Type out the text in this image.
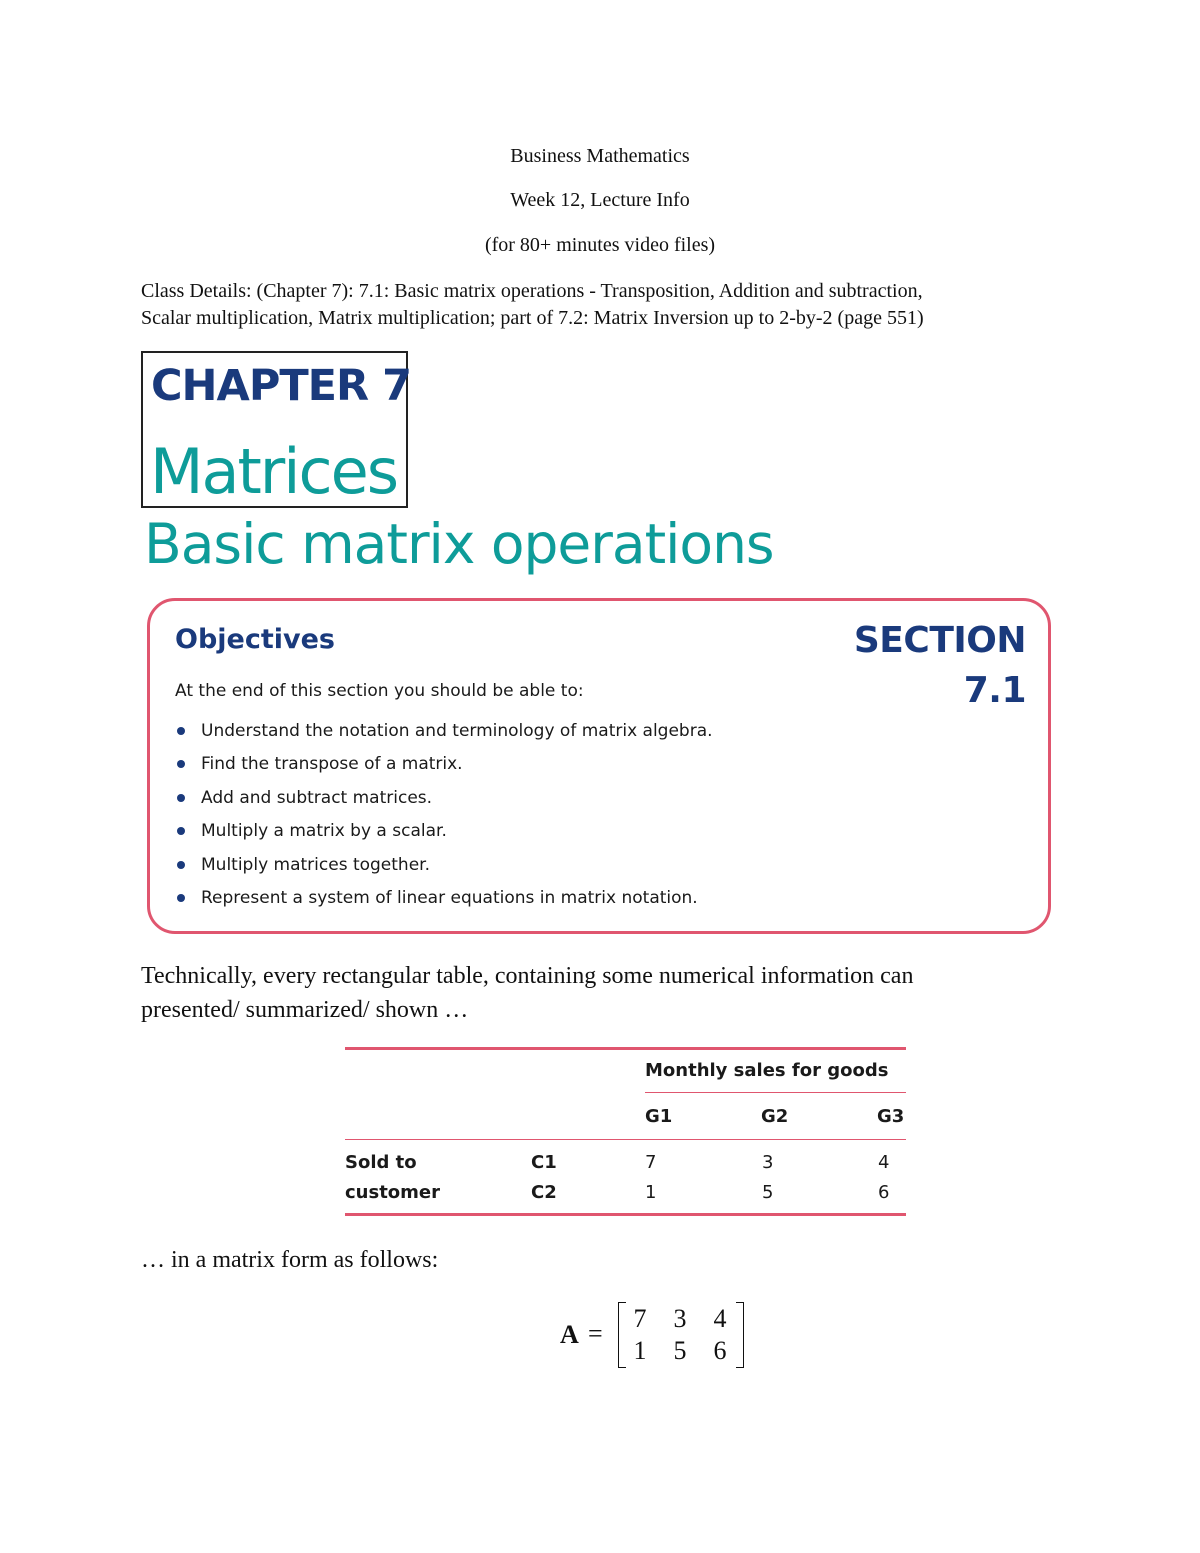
Business Mathematics
Week 12, Lecture Info
(for 80+ minutes video files)
Class Details: (Chapter 7): 7.1: Basic matrix operations - Transposition, Addition and subtraction,
Scalar multiplication, Matrix multiplication; part of 7.2: Matrix Inversion up to 2-by-2 (page 551)
CHAPTER 7
Matrices
Basic matrix operations
Objectives	SECTION 7.1
At the end of this section you should be able to:
Understand the notation and terminology of matrix algebra.
Find the transpose of a matrix.
Add and subtract matrices.
Multiply a matrix by a scalar.
Multiply matrices together.
Represent a system of linear equations in matrix notation.
Technically, every rectangular table, containing some numerical information can
presented/ summarized/ shown …
Monthly sales for goods
G1	G2	G3
Sold to
customer
C1	7	3	4
C2	1	5	6
… in a matrix form as follows:
A =
7 3 4
1 5 6
